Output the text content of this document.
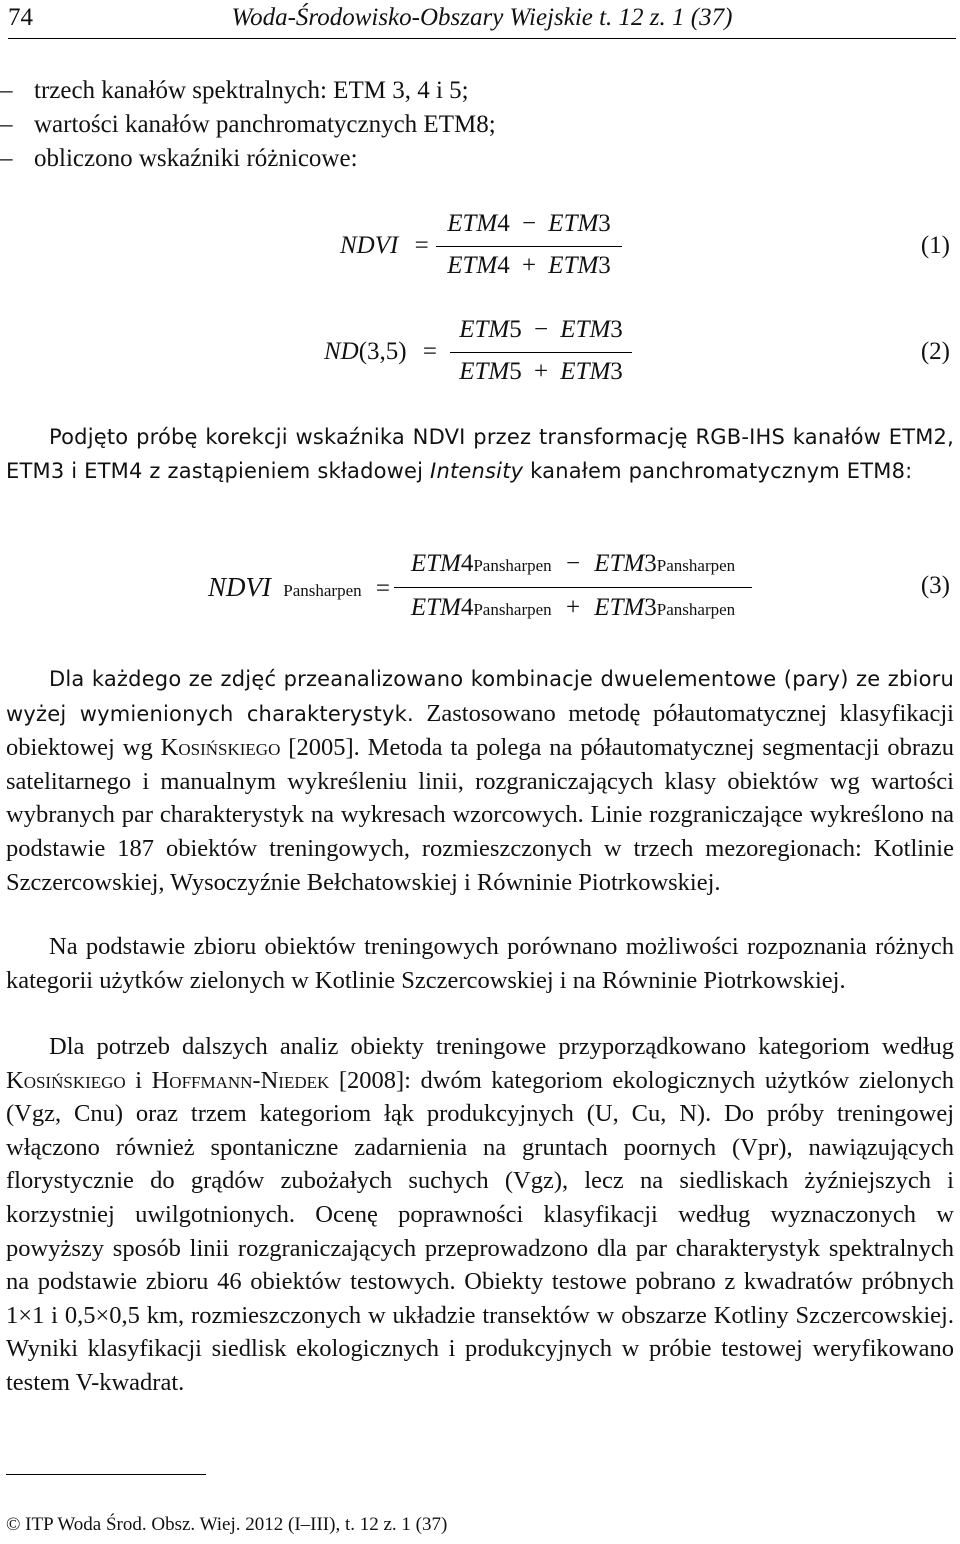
74	Woda-Środowisko-Obszary Wiejskie t. 12 z. 1 (37)
– trzech kanałów spektralnych: ETM 3, 4 i 5;
– wartości kanałów panchromatycznych ETM8;
– obliczono wskaźniki różnicowe:
NDVI =
ETM4 − ETM3
ETM4 + ETM3
(1)
ND(3,5) =
ETM5 − ETM3
ETM5 + ETM3
(2)

Podjęto próbę korekcji wskaźnika NDVI przez transformację RGB-IHS kanałów ETM2, ETM3 i ETM4 z zastąpieniem składowej Intensity kanałem panchromatycznym ETM8:

NDVI Pansharpen =
ETM4Pansharpen − ETM3Pansharpen
ETM4Pansharpen + ETM3Pansharpen
(3)

Dla każdego ze zdjęć przeanalizowano kombinacje dwuelementowe (pary) ze zbioru wyżej wymienionych charakterystyk. Zastosowano metodę półautomatycznej klasyfikacji obiektowej wg Kosińskiego [2005]. Metoda ta polega na półautomatycznej segmentacji obrazu satelitarnego i manualnym wykreśleniu linii, rozgraniczających klasy obiektów wg wartości wybranych par charakterystyk na wykresach wzorcowych. Linie rozgraniczające wykreślono na podstawie 187 obiektów treningowych, rozmieszczonych w trzech mezoregionach: Kotlinie Szczercowskiej, Wysoczyźnie Bełchatowskiej i Równinie Piotrkowskiej.

Na podstawie zbioru obiektów treningowych porównano możliwości rozpoznania różnych kategorii użytków zielonych w Kotlinie Szczercowskiej i na Równinie Piotrkowskiej.

Dla potrzeb dalszych analiz obiekty treningowe przyporządkowano kategoriom według Kosińskiego i Hoffmann-Niedek [2008]: dwóm kategoriom ekologicznych użytków zielonych (Vgz, Cnu) oraz trzem kategoriom łąk produkcyjnych (U, Cu, N). Do próby treningowej włączono również spontaniczne zadarnienia na gruntach poornych (Vpr), nawiązujących florystycznie do grądów zubożałych suchych (Vgz), lecz na siedliskach żyźniejszych i korzystniej uwilgotnionych. Ocenę poprawności klasyfikacji według wyznaczonych w powyższy sposób linii rozgraniczających przeprowadzono dla par charakterystyk spektralnych na podstawie zbioru 46 obiektów testowych. Obiekty testowe pobrano z kwadratów próbnych 1×1 i 0,5×0,5 km, rozmieszczonych w układzie transektów w obszarze Kotliny Szczercowskiej. Wyniki klasyfikacji siedlisk ekologicznych i produkcyjnych w próbie testowej weryfikowano testem V-kwadrat.

© ITP Woda Środ. Obsz. Wiej. 2012 (I–III), t. 12 z. 1 (37)
